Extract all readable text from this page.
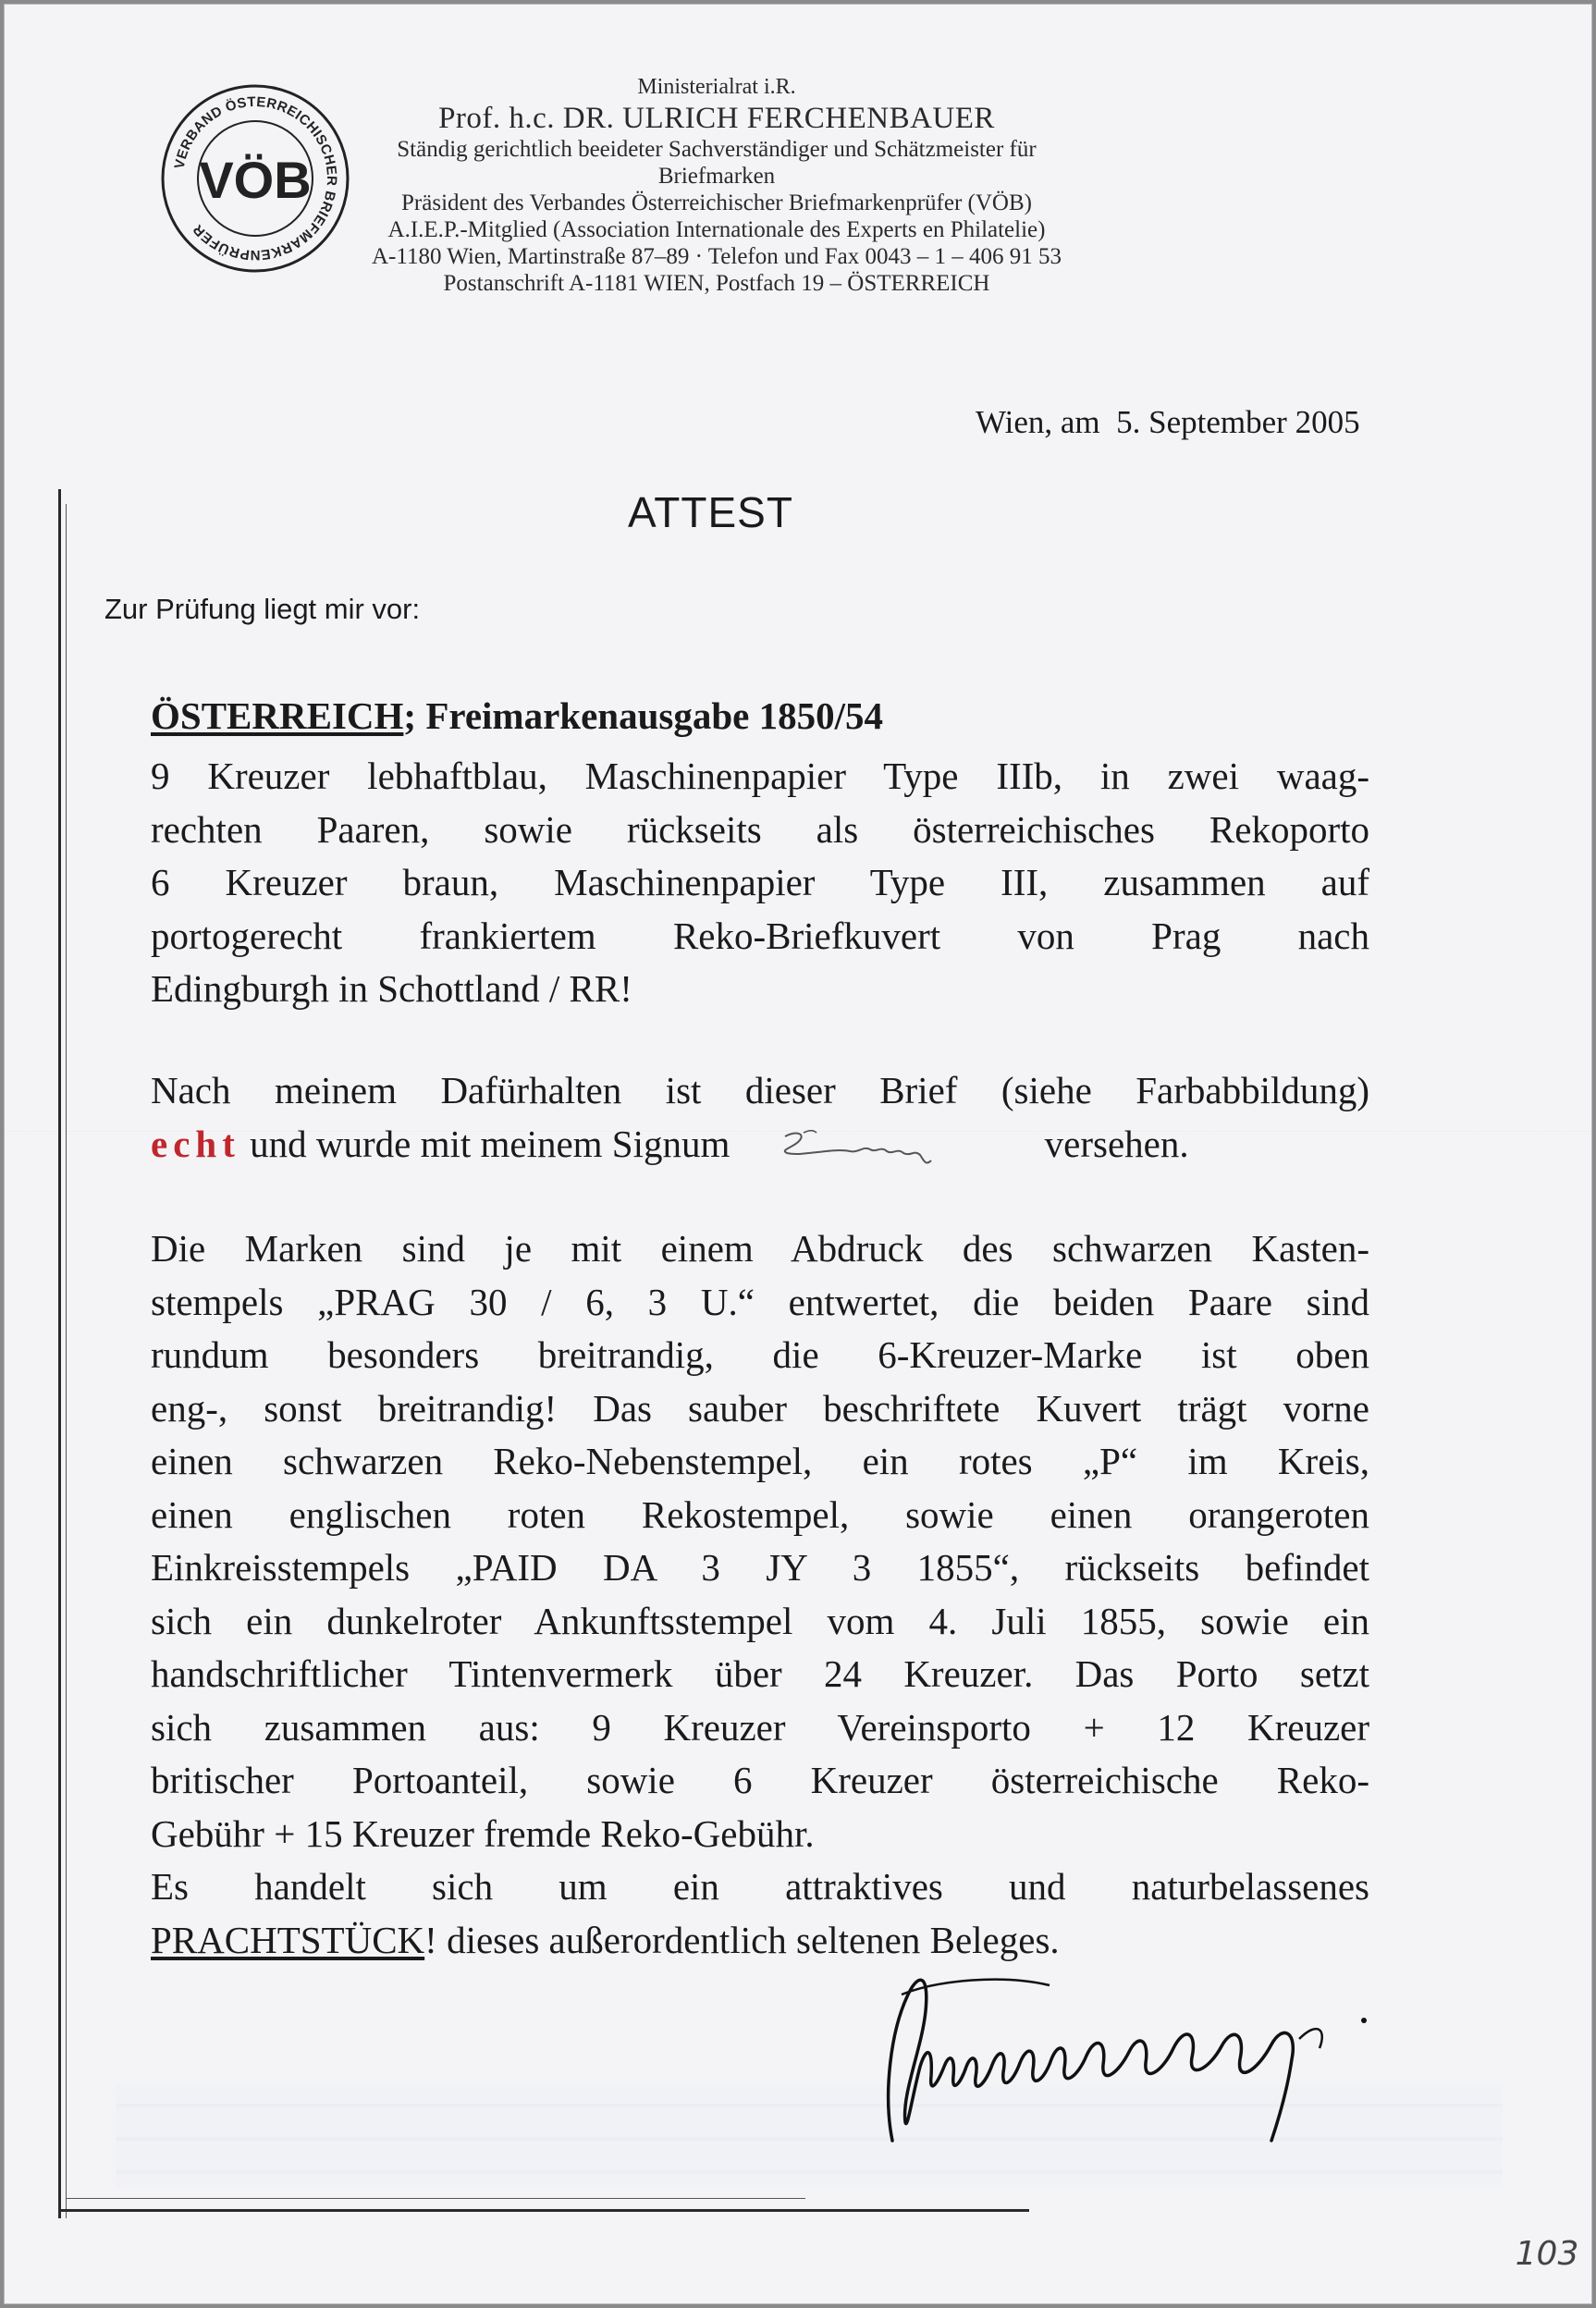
VERBAND ÖSTERREICHISCHER BRIEFMARKENPRÜFER
VÖB
Ministerialrat i.R.
Prof. h.c. DR. ULRICH FERCHENBAUER
Ständig gerichtlich beeideter Sachverständiger und Schätzmeister für Briefmarken
Präsident des Verbandes Österreichischer Briefmarkenprüfer (VÖB)
A.I.E.P.-Mitglied (Association Internationale des Experts en Philatelie)
A-1180 Wien, Martinstraße 87–89 · Telefon und Fax 0043 – 1 – 406 91 53
Postanschrift A-1181 WIEN, Postfach 19 – ÖSTERREICH
Wien, am  5. September 2005
ATTEST
Zur Prüfung liegt mir vor:
ÖSTERREICH; Freimarkenausgabe 1850/54
9 Kreuzer lebhaftblau, Maschinenpapier Type IIIb, in zwei waag-
rechten Paaren, sowie rückseits als österreichisches Rekoporto
6 Kreuzer braun, Maschinenpapier Type III, zusammen auf
portogerecht frankiertem Reko-Briefkuvert von Prag nach
Edingburgh in Schottland / RR!
Nach meinem Dafürhalten ist dieser Brief (siehe Farbabbildung)
echt und wurde mit meinem Signum	versehen.
Die Marken sind je mit einem Abdruck des schwarzen Kasten-
stempels „PRAG 30 / 6, 3 U.“ entwertet, die beiden Paare sind
rundum besonders breitrandig, die 6-Kreuzer-Marke ist oben
eng-, sonst breitrandig! Das sauber beschriftete Kuvert trägt vorne
einen schwarzen Reko-Nebenstempel, ein rotes „P“ im Kreis,
einen englischen roten Rekostempel, sowie einen orangeroten
Einkreisstempels „PAID DA 3 JY 3 1855“, rückseits befindet
sich ein dunkelroter Ankunftsstempel vom 4. Juli 1855, sowie ein
handschriftlicher Tintenvermerk über 24 Kreuzer. Das Porto setzt
sich zusammen aus: 9 Kreuzer Vereinsporto + 12 Kreuzer
britischer Portoanteil, sowie 6 Kreuzer österreichische Reko-
Gebühr + 15 Kreuzer fremde Reko-Gebühr.
Es handelt sich um ein attraktives und naturbelassenes
PRACHTSTÜCK! dieses außerordentlich seltenen Beleges.
103
